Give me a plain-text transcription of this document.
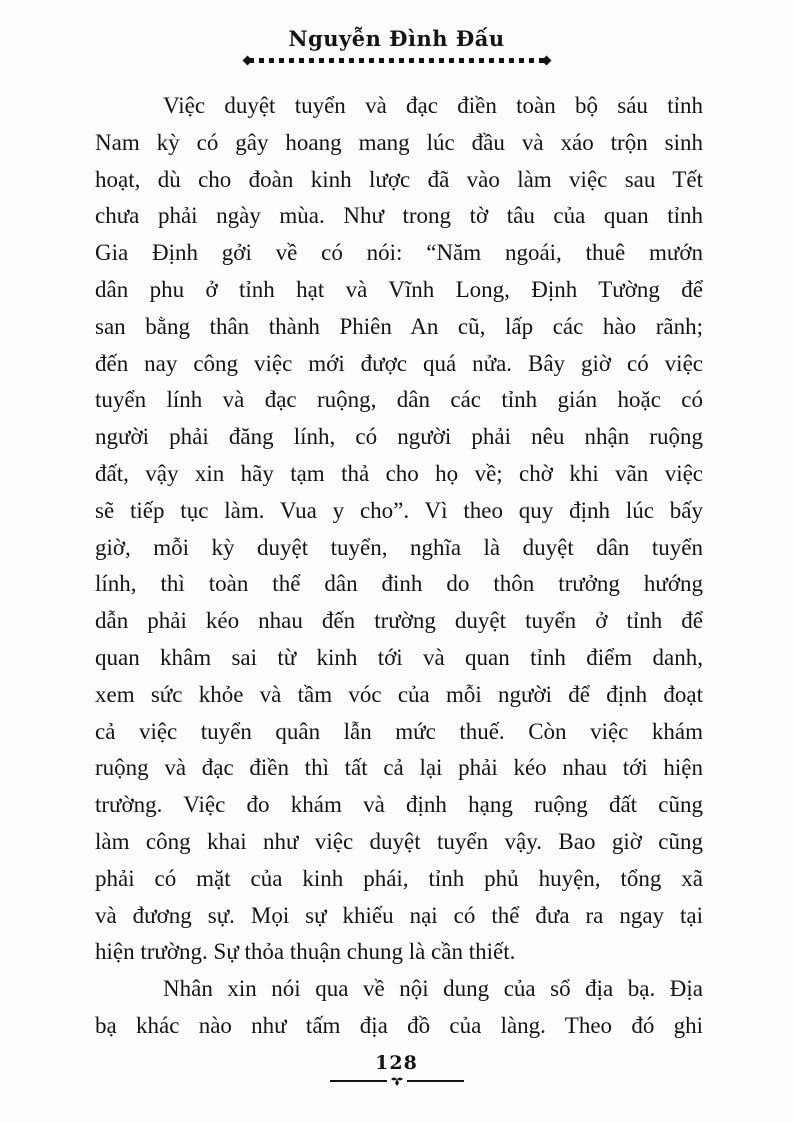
Nguyễn Đình Đấu

Việc duyệt tuyển và đạc điền toàn bộ sáu tỉnh
Nam kỳ có gây hoang mang lúc đầu và xáo trộn sinh
hoạt, dù cho đoàn kinh lược đã vào làm việc sau Tết
chưa phải ngày mùa. Như trong tờ tâu của quan tỉnh
Gia Định gởi về có nói: “Năm ngoái, thuê mướn
dân phu ở tỉnh hạt và Vĩnh Long, Định Tường để
san bằng thân thành Phiên An cũ, lấp các hào rãnh;
đến nay công việc mới được quá nửa. Bây giờ có việc
tuyển lính và đạc ruộng, dân các tỉnh gián hoặc có
người phải đăng lính, có người phải nêu nhận ruộng
đất, vậy xin hãy tạm thả cho họ về; chờ khi vãn việc
sẽ tiếp tục làm. Vua y cho”. Vì theo quy định lúc bấy
giờ, mỗi kỳ duyệt tuyển, nghĩa là duyệt dân tuyển
lính, thì toàn thể dân đinh do thôn trưởng hướng
dẫn phải kéo nhau đến trường duyệt tuyển ở tỉnh để
quan khâm sai từ kinh tới và quan tỉnh điểm danh,
xem sức khỏe và tầm vóc của mỗi người để định đoạt
cả việc tuyển quân lẫn mức thuế. Còn việc khám
ruộng và đạc điền thì tất cả lại phải kéo nhau tới hiện
trường. Việc đo khám và định hạng ruộng đất cũng
làm công khai như việc duyệt tuyển vậy. Bao giờ cũng
phải có mặt của kinh phái, tỉnh phủ huyện, tổng xã
và đương sự. Mọi sự khiếu nại có thể đưa ra ngay tại
hiện trường. Sự thỏa thuận chung là cần thiết.

Nhân xin nói qua về nội dung của sổ địa bạ. Địa
bạ khác nào như tấm địa đồ của làng. Theo đó ghi

128
